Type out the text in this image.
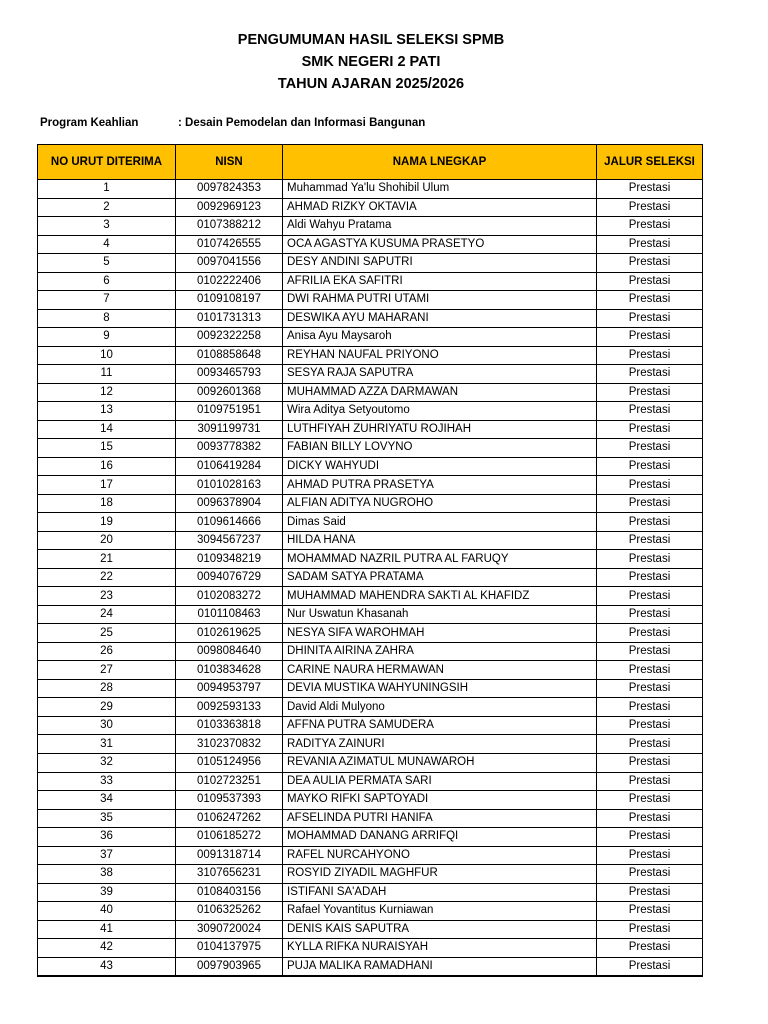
PENGUMUMAN HASIL SELEKSI SPMB
SMK NEGERI 2 PATI
TAHUN AJARAN 2025/2026
Program Keahlian	: Desain Pemodelan dan Informasi Bangunan
NO URUT DITERIMA	NISN	NAMA LNEGKAP	JALUR SELEKSI
1	0097824353	Muhammad Ya'lu Shohibil Ulum	Prestasi
2	0092969123	AHMAD RIZKY OKTAVIA	Prestasi
3	0107388212	Aldi Wahyu Pratama	Prestasi
4	0107426555	OCA AGASTYA KUSUMA PRASETYO	Prestasi
5	0097041556	DESY ANDINI SAPUTRI	Prestasi
6	0102222406	AFRILIA EKA SAFITRI	Prestasi
7	0109108197	DWI RAHMA PUTRI UTAMI	Prestasi
8	0101731313	DESWIKA AYU MAHARANI	Prestasi
9	0092322258	Anisa Ayu Maysaroh	Prestasi
10	0108858648	REYHAN NAUFAL PRIYONO	Prestasi
11	0093465793	SESYA RAJA SAPUTRA	Prestasi
12	0092601368	MUHAMMAD AZZA DARMAWAN	Prestasi
13	0109751951	Wira Aditya Setyoutomo	Prestasi
14	3091199731	LUTHFIYAH ZUHRIYATU ROJIHAH	Prestasi
15	0093778382	FABIAN BILLY LOVYNO	Prestasi
16	0106419284	DICKY WAHYUDI	Prestasi
17	0101028163	AHMAD PUTRA PRASETYA	Prestasi
18	0096378904	ALFIAN ADITYA NUGROHO	Prestasi
19	0109614666	Dimas Said	Prestasi
20	3094567237	HILDA HANA	Prestasi
21	0109348219	MOHAMMAD NAZRIL PUTRA AL FARUQY	Prestasi
22	0094076729	SADAM SATYA PRATAMA	Prestasi
23	0102083272	MUHAMMAD MAHENDRA SAKTI AL KHAFIDZ	Prestasi
24	0101108463	Nur Uswatun Khasanah	Prestasi
25	0102619625	NESYA SIFA WAROHMAH	Prestasi
26	0098084640	DHINITA AIRINA ZAHRA	Prestasi
27	0103834628	CARINE NAURA HERMAWAN	Prestasi
28	0094953797	DEVIA MUSTIKA WAHYUNINGSIH	Prestasi
29	0092593133	David Aldi Mulyono	Prestasi
30	0103363818	AFFNA PUTRA SAMUDERA	Prestasi
31	3102370832	RADITYA ZAINURI	Prestasi
32	0105124956	REVANIA AZIMATUL MUNAWAROH	Prestasi
33	0102723251	DEA AULIA PERMATA SARI	Prestasi
34	0109537393	MAYKO RIFKI SAPTOYADI	Prestasi
35	0106247262	AFSELINDA PUTRI HANIFA	Prestasi
36	0106185272	MOHAMMAD DANANG ARRIFQI	Prestasi
37	0091318714	RAFEL NURCAHYONO	Prestasi
38	3107656231	ROSYID ZIYADIL MAGHFUR	Prestasi
39	0108403156	ISTIFANI SA'ADAH	Prestasi
40	0106325262	Rafael Yovantitus Kurniawan	Prestasi
41	3090720024	DENIS KAIS SAPUTRA	Prestasi
42	0104137975	KYLLA RIFKA NURAISYAH	Prestasi
43	0097903965	PUJA MALIKA RAMADHANI	Prestasi
